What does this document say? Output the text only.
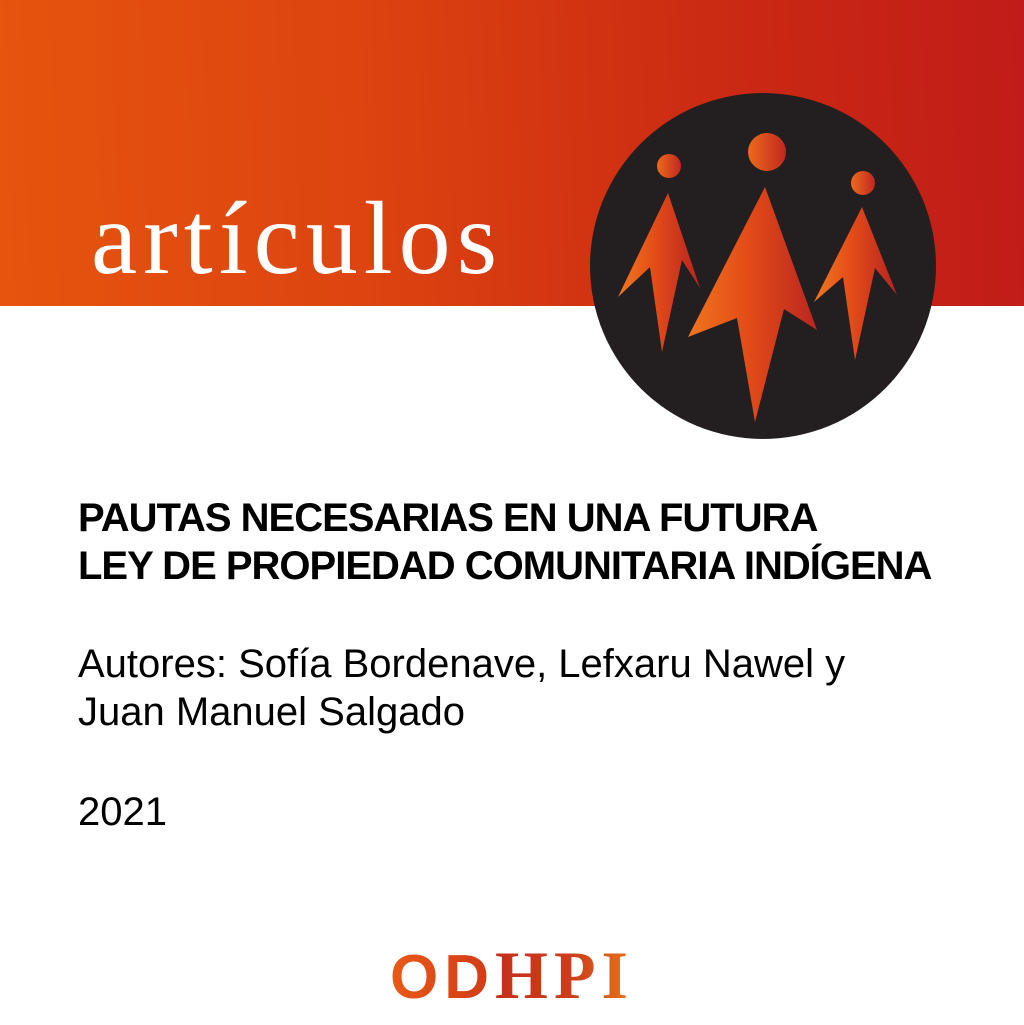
artículos
PAUTAS NECESARIAS EN UNA FUTURA
LEY DE PROPIEDAD COMUNITARIA INDÍGENA

Autores: Sofía Bordenave, Lefxaru Nawel y
Juan Manuel Salgado

2021

ODHPI
